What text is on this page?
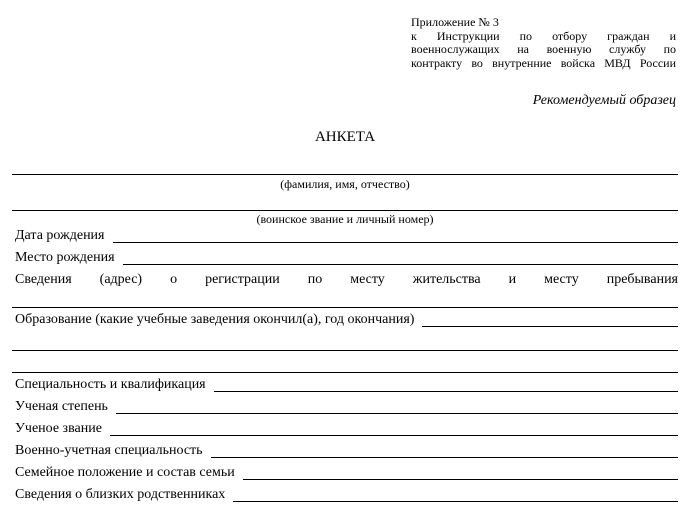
Приложение № 3
к Инструкции по отбору граждан и
военнослужащих на военную службу по
контракту во внутренние войска МВД России
Рекомендуемый образец
АНКЕТА
(фамилия, имя, отчество)
(воинское звание и личный номер)
Дата рождения
Место рождения
Сведения (адрес) о регистрации по месту жительства и месту пребывания
Образование (какие учебные заведения окончил(а), год окончания)
Специальность и квалификация
Ученая степень
Ученое звание
Военно-учетная специальность
Семейное положение и состав семьи
Сведения о близких родственниках
